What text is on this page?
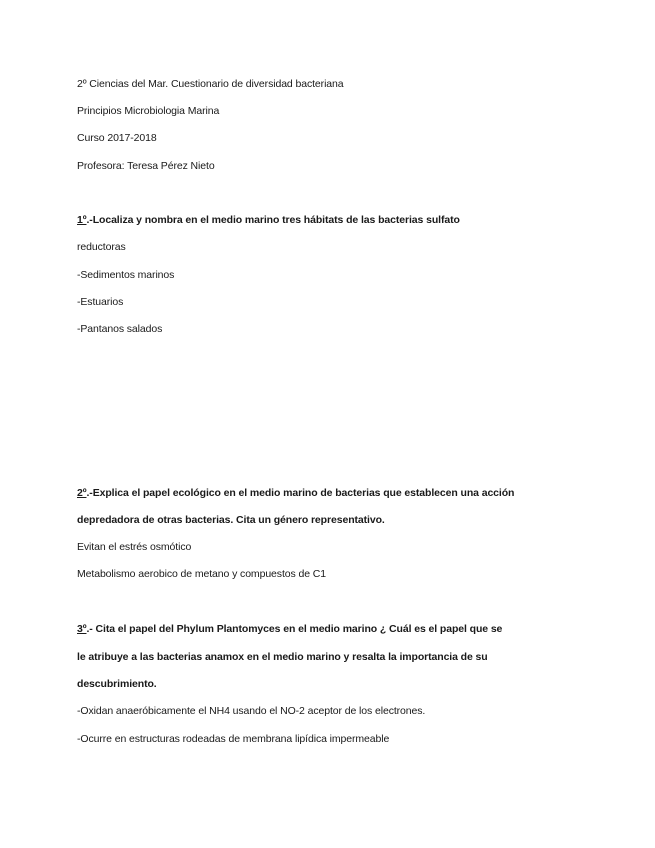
2º Ciencias del Mar. Cuestionario de diversidad bacteriana
Principios Microbiologia Marina
Curso 2017-2018
Profesora: Teresa Pérez Nieto
1º.-Localiza y nombra en el medio marino tres hábitats de las bacterias sulfato
reductoras
-Sedimentos marinos
-Estuarios
-Pantanos salados
2º.-Explica el papel ecológico en el medio marino de bacterias que establecen una acción
depredadora de otras bacterias. Cita un género representativo.
Evitan el estrés osmótico
Metabolismo aerobico de metano y compuestos de C1
3º.- Cita el papel del Phylum Plantomyces en el medio marino ¿ Cuál es el papel que se
le atribuye a las bacterias anamox en el medio marino y resalta la importancia de su
descubrimiento.
-Oxidan anaeróbicamente el NH4 usando el NO-2 aceptor de los electrones.
-Ocurre en estructuras rodeadas de membrana lipídica impermeable
